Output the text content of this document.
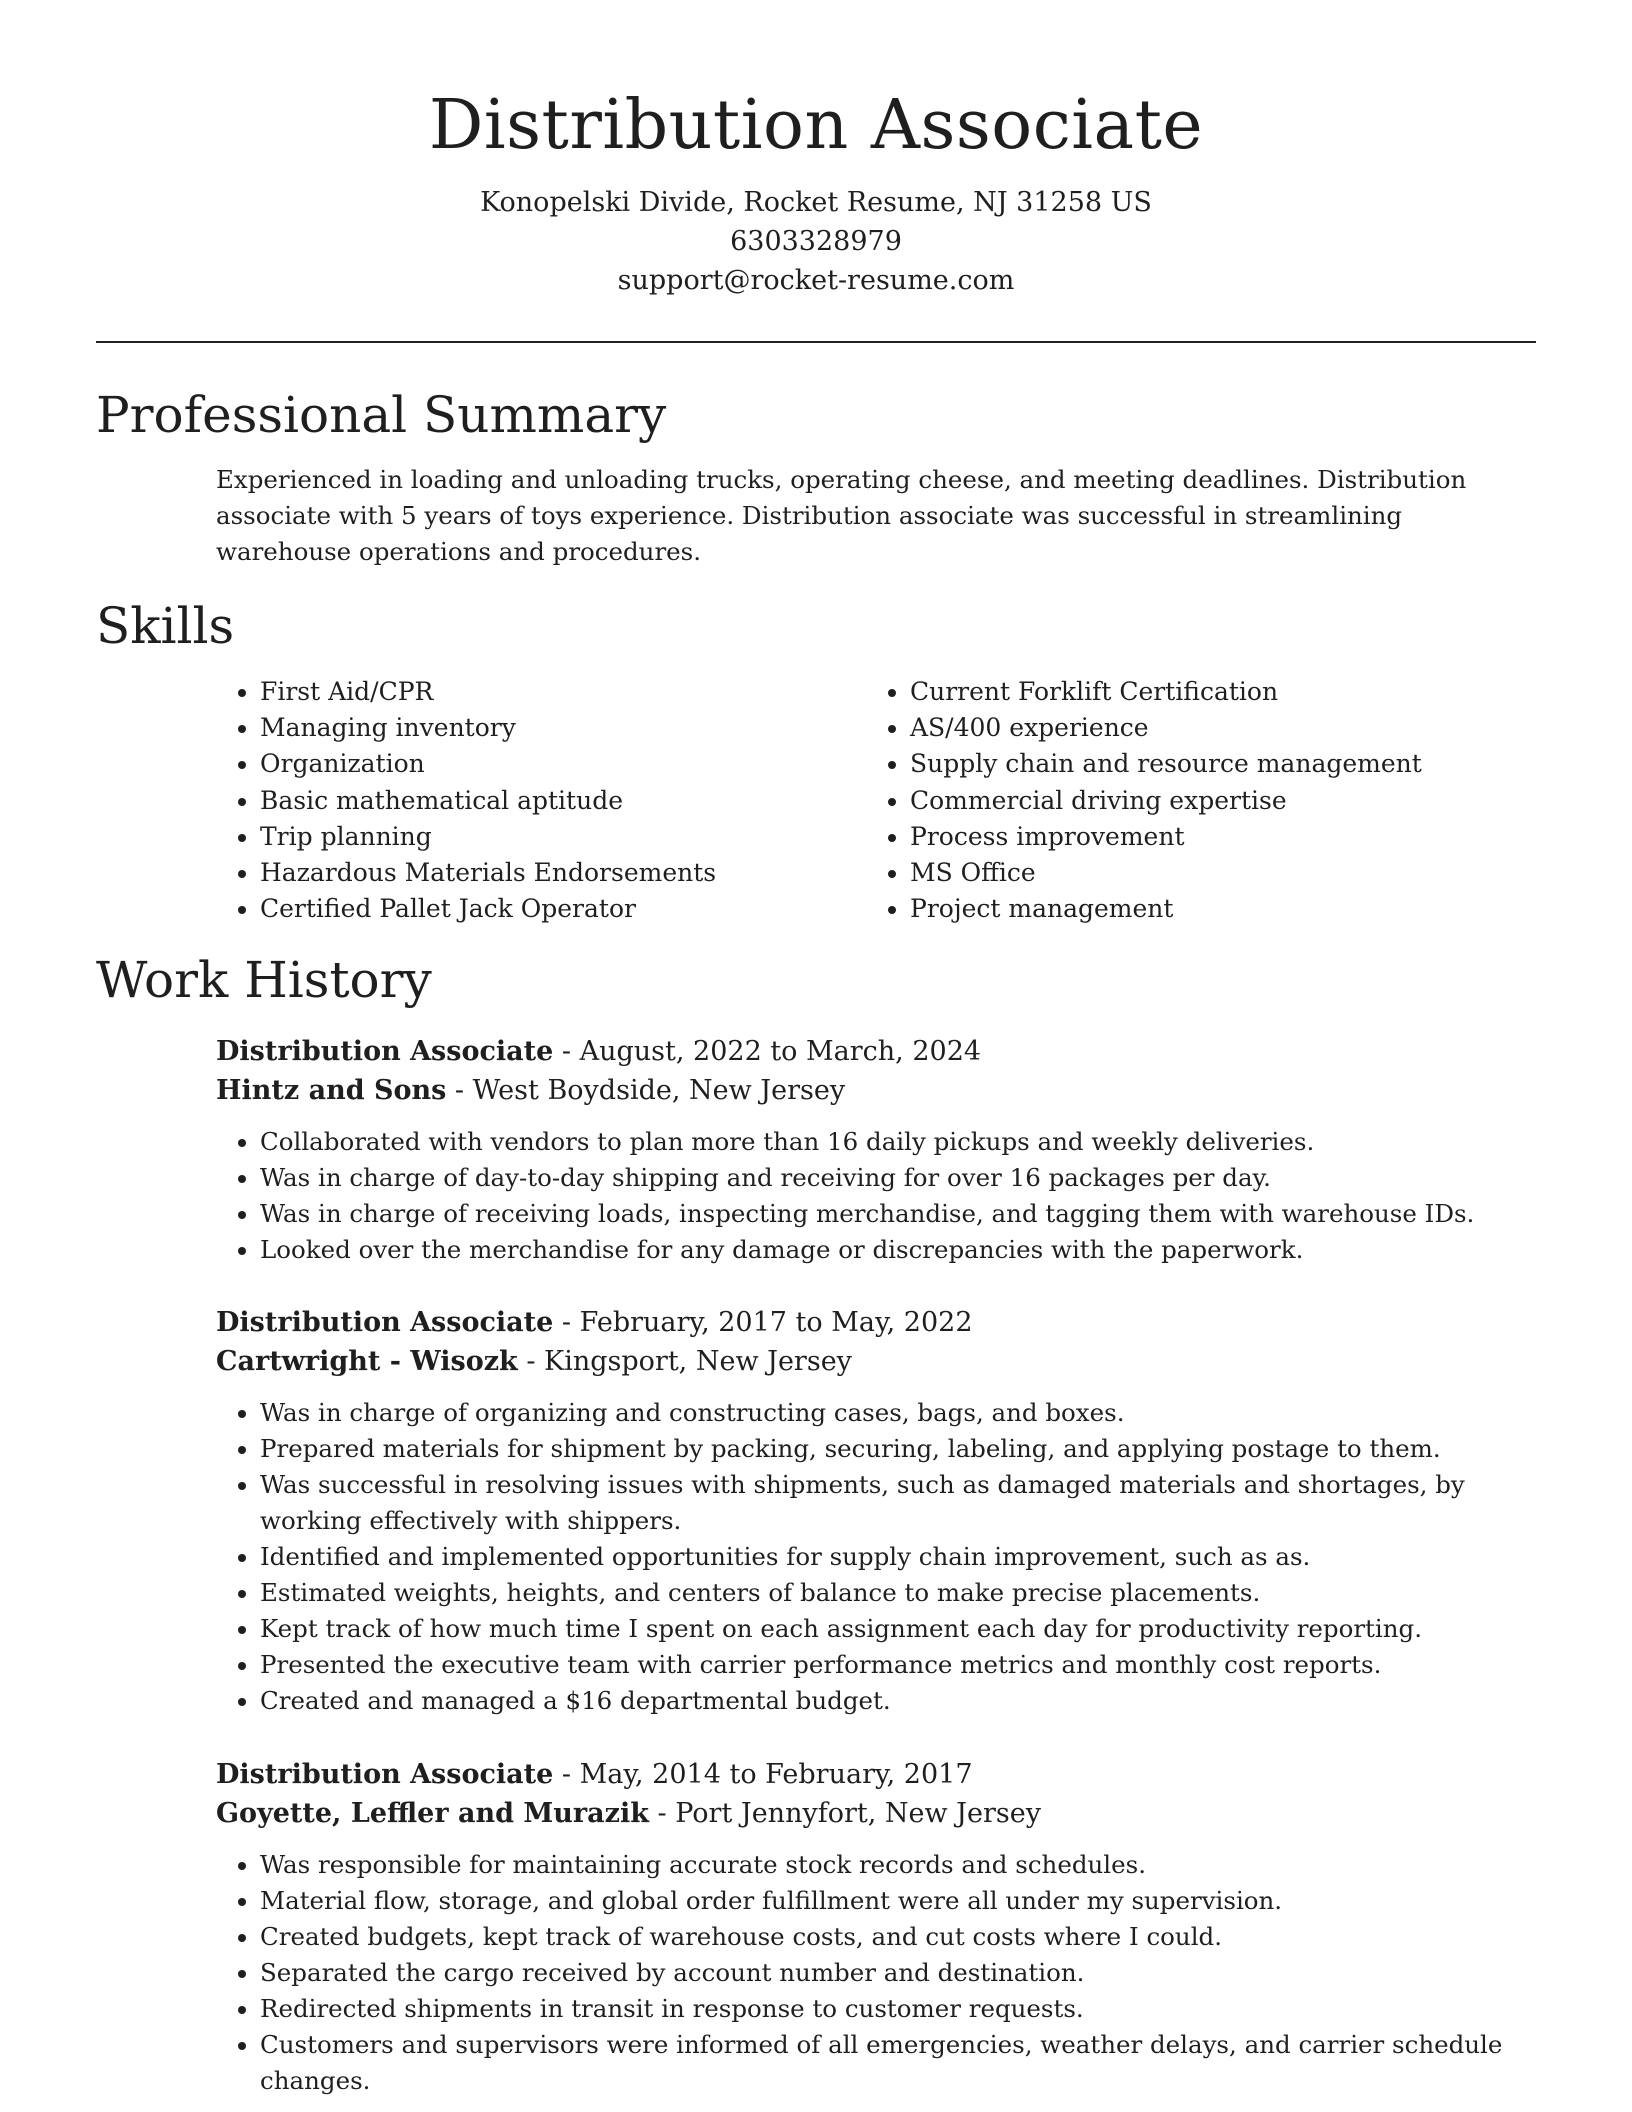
Distribution Associate
Konopelski Divide, Rocket Resume, NJ 31258 US
6303328979
support@rocket-resume.com
Professional Summary

Experienced in loading and unloading trucks, operating cheese, and meeting deadlines. Distribution associate with 5 years of toys experience. Distribution associate was successful in streamlining warehouse operations and procedures.

Skills
• First Aid/CPR
• Managing inventory
• Organization
• Basic mathematical aptitude
• Trip planning
• Hazardous Materials Endorsements
• Certified Pallet Jack Operator
• Current Forklift Certification
• AS/400 experience
• Supply chain and resource management
• Commercial driving expertise
• Process improvement
• MS Office
• Project management
Work History
Distribution Associate - August, 2022 to March, 2024
Hintz and Sons - West Boydside, New Jersey
• Collaborated with vendors to plan more than 16 daily pickups and weekly deliveries.
• Was in charge of day-to-day shipping and receiving for over 16 packages per day.
• Was in charge of receiving loads, inspecting merchandise, and tagging them with warehouse IDs.
• Looked over the merchandise for any damage or discrepancies with the paperwork.
Distribution Associate - February, 2017 to May, 2022
Cartwright - Wisozk - Kingsport, New Jersey
• Was in charge of organizing and constructing cases, bags, and boxes.
• Prepared materials for shipment by packing, securing, labeling, and applying postage to them.
• Was successful in resolving issues with shipments, such as damaged materials and shortages, by working effectively with shippers.
• Identified and implemented opportunities for supply chain improvement, such as as.
• Estimated weights, heights, and centers of balance to make precise placements.
• Kept track of how much time I spent on each assignment each day for productivity reporting.
• Presented the executive team with carrier performance metrics and monthly cost reports.
• Created and managed a $16 departmental budget.
Distribution Associate - May, 2014 to February, 2017
Goyette, Leffler and Murazik - Port Jennyfort, New Jersey
• Was responsible for maintaining accurate stock records and schedules.
• Material flow, storage, and global order fulfillment were all under my supervision.
• Created budgets, kept track of warehouse costs, and cut costs where I could.
• Separated the cargo received by account number and destination.
• Redirected shipments in transit in response to customer requests.
• Customers and supervisors were informed of all emergencies, weather delays, and carrier schedule changes.
